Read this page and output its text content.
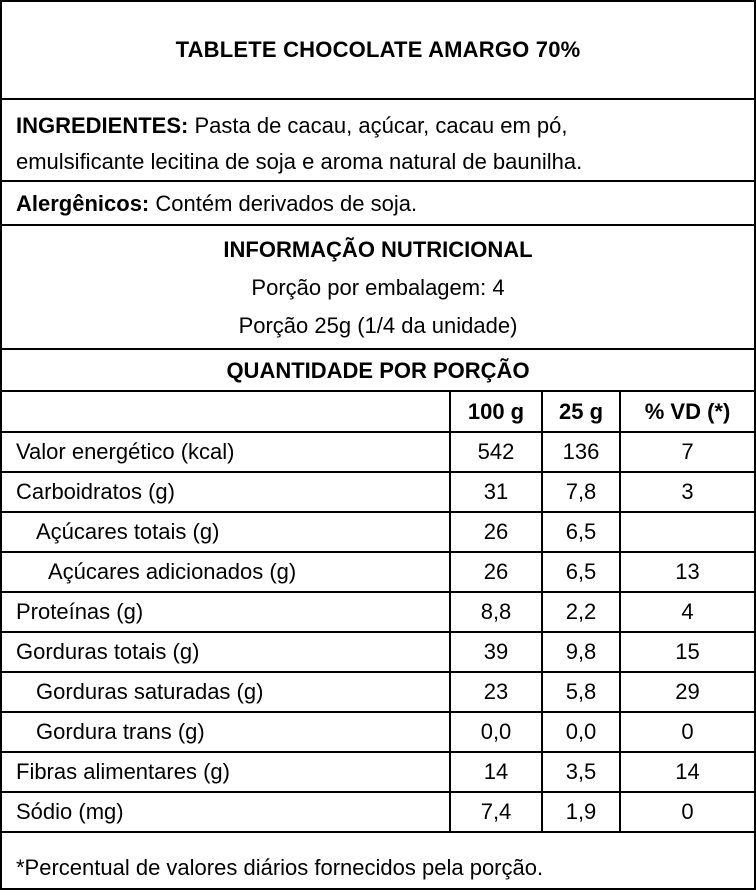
TABLETE CHOCOLATE AMARGO 70%
INGREDIENTES: Pasta de cacau, açúcar, cacau em pó,
emulsificante lecitina de soja e aroma natural de baunilha.
Alergênicos: Contém derivados de soja.
INFORMAÇÃO NUTRICIONAL
Porção por embalagem: 4
Porção 25g (1/4 da unidade)
QUANTIDADE POR PORÇÃO
	100 g	25 g	% VD (*)
Valor energético (kcal)	542	136	7
Carboidratos (g)	31	7,8	3
Açúcares totais (g)	26	6,5	
Açúcares adicionados (g)	26	6,5	13
Proteínas (g)	8,8	2,2	4
Gorduras totais (g)	39	9,8	15
Gorduras saturadas (g)	23	5,8	29
Gordura trans (g)	0,0	0,0	0
Fibras alimentares (g)	14	3,5	14
Sódio (mg)	7,4	1,9	0
*Percentual de valores diários fornecidos pela porção.
